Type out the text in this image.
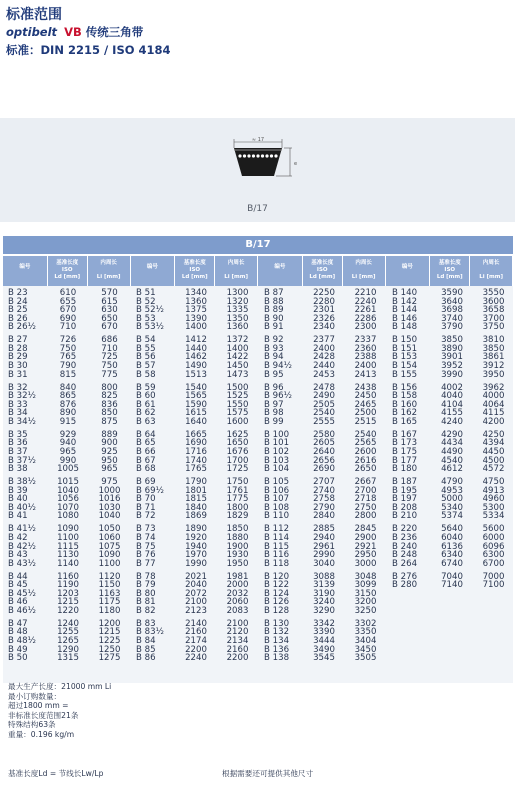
标准范围
optibelt VB 传统三角带
标准：DIN 2215 / ISO 4184
≈ 17
e
B/17
B/17
编号
基准长度
ISO
Ld [mm]
内周长

Li [mm]
编号
基准长度
ISO
Ld [mm]
内周长

Li [mm]
编号
基准长度
ISO
Ld [mm]
内周长

Li [mm]
编号
基准长度
ISO
Ld [mm]
内周长

Li [mm]
B 23
B 24
B 25
B 26
B 26½
B 27
B 28
B 29
B 30
B 31
B 32
B 32½
B 33
B 34
B 34½
B 35
B 36
B 37
B 37½
B 38
B 38½
B 39
B 40
B 40½
B 41
B 41½
B 42
B 42½
B 43
B 43½
B 44
B 45
B 45½
B 46
B 46½
B 47
B 48
B 48½
B 49
B 50
610
655
670
690
710
726
750
765
790
815
840
865
876
890
915
929
940
965
990
1005
1015
1040
1056
1070
1080
1090
1100
1115
1130
1140
1160
1190
1203
1215
1220
1240
1255
1265
1290
1315
570
615
630
650
670
686
710
725
750
775
800
825
836
850
875
889
900
925
950
965
975
1000
1016
1030
1040
1050
1060
1075
1090
1100
1120
1150
1163
1175
1180
1200
1215
1225
1250
1275
B 51
B 52
B 52½
B 53
B 53½
B 54
B 55
B 56
B 57
B 58
B 59
B 60
B 61
B 62
B 63
B 64
B 65
B 66
B 67
B 68
B 69
B 69½
B 70
B 71
B 72
B 73
B 74
B 75
B 76
B 77
B 78
B 79
B 80
B 81
B 82
B 83
B 83½
B 84
B 85
B 86
1340
1360
1375
1390
1400
1412
1440
1462
1490
1513
1540
1565
1590
1615
1640
1665
1690
1716
1740
1765
1790
1801
1815
1840
1869
1890
1920
1940
1970
1990
2021
2040
2072
2100
2123
2140
2160
2174
2200
2240
1300
1320
1335
1350
1360
1372
1400
1422
1450
1473
1500
1525
1550
1575
1600
1625
1650
1676
1700
1725
1750
1761
1775
1800
1829
1850
1880
1900
1930
1950
1981
2000
2032
2060
2083
2100
2120
2134
2160
2200
B 87
B 88
B 89
B 90
B 91
B 92
B 93
B 94
B 94½
B 95
B 96
B 96½
B 97
B 98
B 99
B 100
B 101
B 102
B 103
B 104
B 105
B 106
B 107
B 108
B 110
B 112
B 114
B 115
B 116
B 118
B 120
B 122
B 124
B 126
B 128
B 130
B 132
B 134
B 136
B 138
2250
2280
2301
2326
2340
2377
2400
2428
2440
2453
2478
2490
2505
2540
2555
2580
2605
2640
2656
2690
2707
2740
2758
2790
2840
2885
2940
2961
2990
3040
3088
3139
3190
3240
3290
3342
3390
3444
3490
3545
2210
2240
2261
2286
2300
2337
2360
2388
2400
2413
2438
2450
2465
2500
2515
2540
2565
2600
2616
2650
2667
2700
2718
2750
2800
2845
2900
2921
2950
3000
3048
3099
3150
3200
3250
3302
3350
3404
3450
3505
B 140
B 142
B 144
B 146
B 148
B 150
B 151
B 153
B 154
B 155
B 156
B 158
B 160
B 162
B 165
B 167
B 173
B 175
B 177
B 180
B 187
B 195
B 197
B 208
B 210
B 220
B 236
B 240
B 248
B 264
B 276
B 280
3590
3640
3698
3740
3790
3850
3890
3901
3952
3990
4002
4040
4104
4155
4240
4290
4434
4490
4540
4612
4790
4953
5000
5340
5374
5640
6040
6136
6340
6740
7040
7140
3550
3600
3658
3700
3750
3810
3850
3861
3912
3950
3962
4000
4064
4115
4200
4250
4394
4450
4500
4572
4750
4913
4960
5300
5334
5600
6000
6096
6300
6700
7000
7100
最大生产长度：21000 mm Li
最小订购数量：
超过1800 mm =
非标准长度范围21条
特殊结构63条
重量：0.196 kg/m
基准长度Ld = 节线长Lw/Lp	根据需要还可提供其他尺寸
